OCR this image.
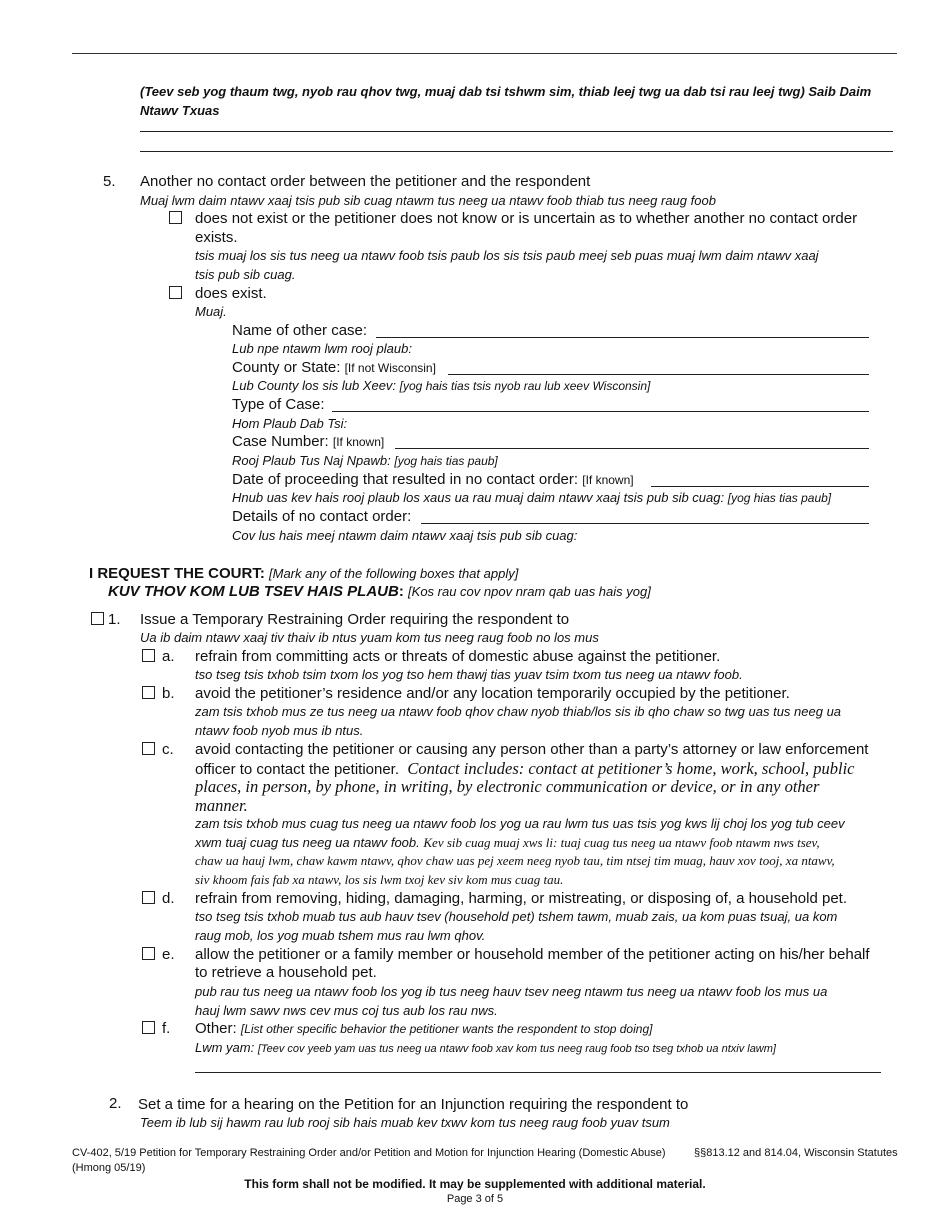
(Teev seb yog thaum twg, nyob rau qhov twg, muaj dab tsi tshwm sim, thiab leej twg ua dab tsi rau leej twg) Saib Daim Ntawv Txuas
5. Another no contact order between the petitioner and the respondent
Muaj lwm daim ntawv xaaj tsis pub sib cuag ntawm tus neeg ua ntawv foob thiab tus neeg raug foob
does not exist or the petitioner does not know or is uncertain as to whether another no contact order
exists.
tsis muaj los sis tus neeg ua ntawv foob tsis paub los sis tsis paub meej seb puas muaj lwm daim ntawv xaaj
tsis pub sib cuag.
does exist.
Muaj.
Name of other case:
Lub npe ntawm lwm rooj plaub:
County or State: [If not Wisconsin]
Lub County los sis lub Xeev: [yog hais tias tsis nyob rau lub xeev Wisconsin]
Type of Case:
Hom Plaub Dab Tsi:
Case Number: [If known]
Rooj Plaub Tus Naj Npawb: [yog hais tias paub]
Date of proceeding that resulted in no contact order: [If known]
Hnub uas kev hais rooj plaub los xaus ua rau muaj daim ntawv xaaj tsis pub sib cuag: [yog hias tias paub]
Details of no contact order:
Cov lus hais meej ntawm daim ntawv xaaj tsis pub sib cuag:
I REQUEST THE COURT: [Mark any of the following boxes that apply]
KUV THOV KOM LUB TSEV HAIS PLAUB: [Kos rau cov npov nram qab uas hais yog]
1. Issue a Temporary Restraining Order requiring the respondent to
Ua ib daim ntawv xaaj tiv thaiv ib ntus yuam kom tus neeg raug foob no los mus
a. refrain from committing acts or threats of domestic abuse against the petitioner.
tso tseg tsis txhob tsim txom los yog tso hem thawj tias yuav tsim txom tus neeg ua ntawv foob.
b. avoid the petitioner’s residence and/or any location temporarily occupied by the petitioner.
zam tsis txhob mus ze tus neeg ua ntawv foob qhov chaw nyob thiab/los sis ib qho chaw so twg uas tus neeg ua
ntawv foob nyob mus ib ntus.
c. avoid contacting the petitioner or causing any person other than a party’s attorney or law enforcement
officer to contact the petitioner. Contact includes: contact at petitioner’s home, work, school, public
places, in person, by phone, in writing, by electronic communication or device, or in any other
manner.
zam tsis txhob mus cuag tus neeg ua ntawv foob los yog ua rau lwm tus uas tsis yog kws lij choj los yog tub ceev
xwm tuaj cuag tus neeg ua ntawv foob. Kev sib cuag muaj xws li: tuaj cuag tus neeg ua ntawv foob ntawm nws tsev,
chaw ua hauj lwm, chaw kawm ntawv, qhov chaw uas pej xeem neeg nyob tau, tim ntsej tim muag, hauv xov tooj, xa ntawv,
siv khoom fais fab xa ntawv, los sis lwm txoj kev siv kom mus cuag tau.
d. refrain from removing, hiding, damaging, harming, or mistreating, or disposing of, a household pet.
tso tseg tsis txhob muab tus aub hauv tsev (household pet) tshem tawm, muab zais, ua kom puas tsuaj, ua kom
raug mob, los yog muab tshem mus rau lwm qhov.
e. allow the petitioner or a family member or household member of the petitioner acting on his/her behalf
to retrieve a household pet.
pub rau tus neeg ua ntawv foob los yog ib tus neeg hauv tsev neeg ntawm tus neeg ua ntawv foob los mus ua
hauj lwm sawv nws cev mus coj tus aub los rau nws.
f. Other: [List other specific behavior the petitioner wants the respondent to stop doing]
Lwm yam: [Teev cov yeeb yam uas tus neeg ua ntawv foob xav kom tus neeg raug foob tso tseg txhob ua ntxiv lawm]
2. Set a time for a hearing on the Petition for an Injunction requiring the respondent to
Teem ib lub sij hawm rau lub rooj sib hais muab kev txwv kom tus neeg raug foob yuav tsum
CV-402, 5/19 Petition for Temporary Restraining Order and/or Petition and Motion for Injunction Hearing (Domestic Abuse)	§§813.12 and 814.04, Wisconsin Statutes
(Hmong 05/19)
This form shall not be modified. It may be supplemented with additional material.
Page 3 of 5
